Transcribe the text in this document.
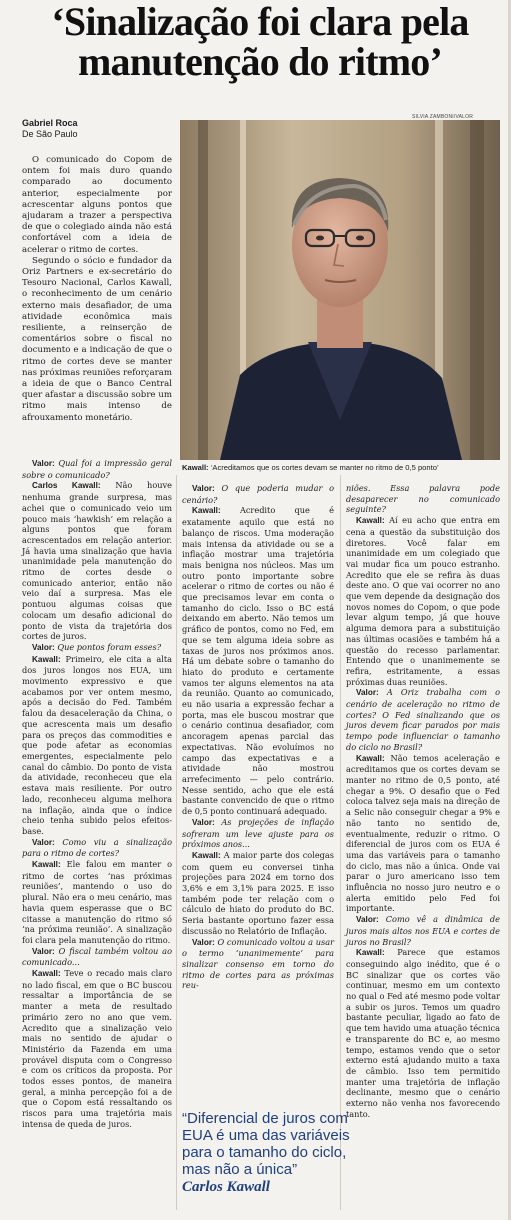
‘Sinalização foi clara pela manutenção do ritmo’
Gabriel Roca
De São Paulo
SILVIA ZAMBONI/VALOR
Kawall: ‘Acreditamos que os cortes devam se manter no ritmo de 0,5 ponto’

O comunicado do Copom de ontem foi mais duro quando comparado ao documento anterior, especialmente por acrescentar alguns pontos que ajudaram a trazer a perspectiva de que o colegiado ainda não está confortável com a ideia de acelerar o ritmo de cortes.

Segundo o sócio e fundador da Oriz Partners e ex-secretário do Tesouro Nacional, Carlos Kawall, o reconhecimento de um cenário externo mais desafiador, de uma atividade econômica mais resiliente, a reinserção de comentários sobre o fiscal no documento e a indicação de que o ritmo de cortes deve se manter nas próximas reuniões reforçaram a ideia de que o Banco Central quer afastar a discussão sobre um ritmo mais intenso de afrouxamento monetário.

Valor: Qual foi a impressão geral sobre o comunicado?

Carlos Kawall: Não houve nenhuma grande surpresa, mas achei que o comunicado veio um pouco mais ‘hawkish’ em relação a alguns pontos que foram acrescentados em relação anterior. Já havia uma sinalização que havia unanimidade pela manutenção do ritmo de cortes desde o comunicado anterior, então não veio daí a surpresa. Mas ele pontuou algumas coisas que colocam um desafio adicional do ponto de vista da trajetória dos cortes de juros.

Valor: Que pontos foram esses?

Kawall: Primeiro, ele cita a alta dos juros longos nos EUA, um movimento expressivo e que acabamos por ver ontem mesmo, após a decisão do Fed. Também falou da desaceleração da China, o que acrescenta mais um desafio para os preços das commodities e que pode afetar as economias emergentes, especialmente pelo canal do câmbio. Do ponto de vista da atividade, reconheceu que ela estava mais resiliente. Por outro lado, reconheceu alguma melhora na inflação, ainda que o índice cheio tenha subido pelos efeitos-base.

Valor: Como viu a sinalização para o ritmo de cortes?

Kawall: Ele falou em manter o ritmo de cortes ‘nas próximas reuniões’, mantendo o uso do plural. Não era o meu cenário, mas havia quem esperasse que o BC citasse a manutenção do ritmo só ‘na próxima reunião’. A sinalização foi clara pela manutenção do ritmo.

Valor: O fiscal também voltou ao comunicado...

Kawall: Teve o recado mais claro no lado fiscal, em que o BC buscou ressaltar a importância de se manter a meta de resultado primário zero no ano que vem. Acredito que a sinalização veio mais no sentido de ajudar o Ministério da Fazenda em uma provável disputa com o Congresso e com os críticos da proposta. Por todos esses pontos, de maneira geral, a minha percepção foi a de que o Copom está ressaltando os riscos para uma trajetória mais intensa de queda de juros.

Valor: O que poderia mudar o cenário?

Kawall: Acredito que é exatamente aquilo que está no balanço de riscos. Uma moderação mais intensa da atividade ou se a inflação mostrar uma trajetória mais benigna nos núcleos. Mas um outro ponto importante sobre acelerar o ritmo de cortes ou não é que precisamos levar em conta o tamanho do ciclo. Isso o BC está deixando em aberto. Não temos um gráfico de pontos, como no Fed, em que se tem alguma ideia sobre as taxas de juros nos próximos anos. Há um debate sobre o tamanho do hiato do produto e certamente vamos ter alguns elementos na ata da reunião. Quanto ao comunicado, eu não usaria a expressão fechar a porta, mas ele buscou mostrar que o cenário continua desafiador, com ancoragem apenas parcial das expectativas. Não evoluímos no campo das expectativas e a atividade não mostrou arrefecimento — pelo contrário. Nesse sentido, acho que ele está bastante convencido de que o ritmo de 0,5 ponto continuará adequado.

Valor: As projeções de inflação sofreram um leve ajuste para os próximos anos...

Kawall: A maior parte dos colegas com quem eu conversei tinha projeções para 2024 em torno dos 3,6% e em 3,1% para 2025. E isso também pode ter relação com o cálculo de hiato do produto do BC. Seria bastante oportuno fazer essa discussão no Relatório de Inflação.

Valor: O comunicado voltou a usar o termo ‘unanimemente’ para sinalizar consenso em torno do ritmo de cortes para as próximas reu-

“Diferencial de juros com EUA é uma das variáveis para o tamanho do ciclo, mas não a única”
Carlos Kawall

niões. Essa palavra pode desaparecer no comunicado seguinte?

Kawall: Aí eu acho que entra em cena a questão da substituição dos diretores. Você falar em unanimidade em um colegiado que vai mudar fica um pouco estranho. Acredito que ele se refira às duas deste ano. O que vai ocorrer no ano que vem depende da designação dos novos nomes do Copom, o que pode levar algum tempo, já que houve alguma demora para a substituição nas últimas ocasiões e também há a questão do recesso parlamentar. Entendo que o unanimemente se refira, estritamente, a essas próximas duas reuniões.

Valor: A Oriz trabalha com o cenário de aceleração no ritmo de cortes? O Fed sinalizando que os juros devem ficar parados por mais tempo pode influenciar o tamanho do ciclo no Brasil?

Kawall: Não temos aceleração e acreditamos que os cortes devam se manter no ritmo de 0,5 ponto, até chegar a 9%. O desafio que o Fed coloca talvez seja mais na direção de a Selic não conseguir chegar a 9% e não tanto no sentido de, eventualmente, reduzir o ritmo. O diferencial de juros com os EUA é uma das variáveis para o tamanho do ciclo, mas não a única. Onde vai parar o juro americano isso tem influência no nosso juro neutro e o alerta emitido pelo Fed foi importante.

Valor: Como vê a dinâmica de juros mais altos nos EUA e cortes de juros no Brasil?

Kawall: Parece que estamos conseguindo algo inédito, que é o BC sinalizar que os cortes vão continuar, mesmo em um contexto no qual o Fed até mesmo pode voltar a subir os juros. Temos um quadro bastante peculiar, ligado ao fato de que tem havido uma atuação técnica e transparente do BC e, ao mesmo tempo, estamos vendo que o setor externo está ajudando muito a taxa de câmbio. Isso tem permitido manter uma trajetória de inflação declinante, mesmo que o cenário externo não venha nos favorecendo tanto.
